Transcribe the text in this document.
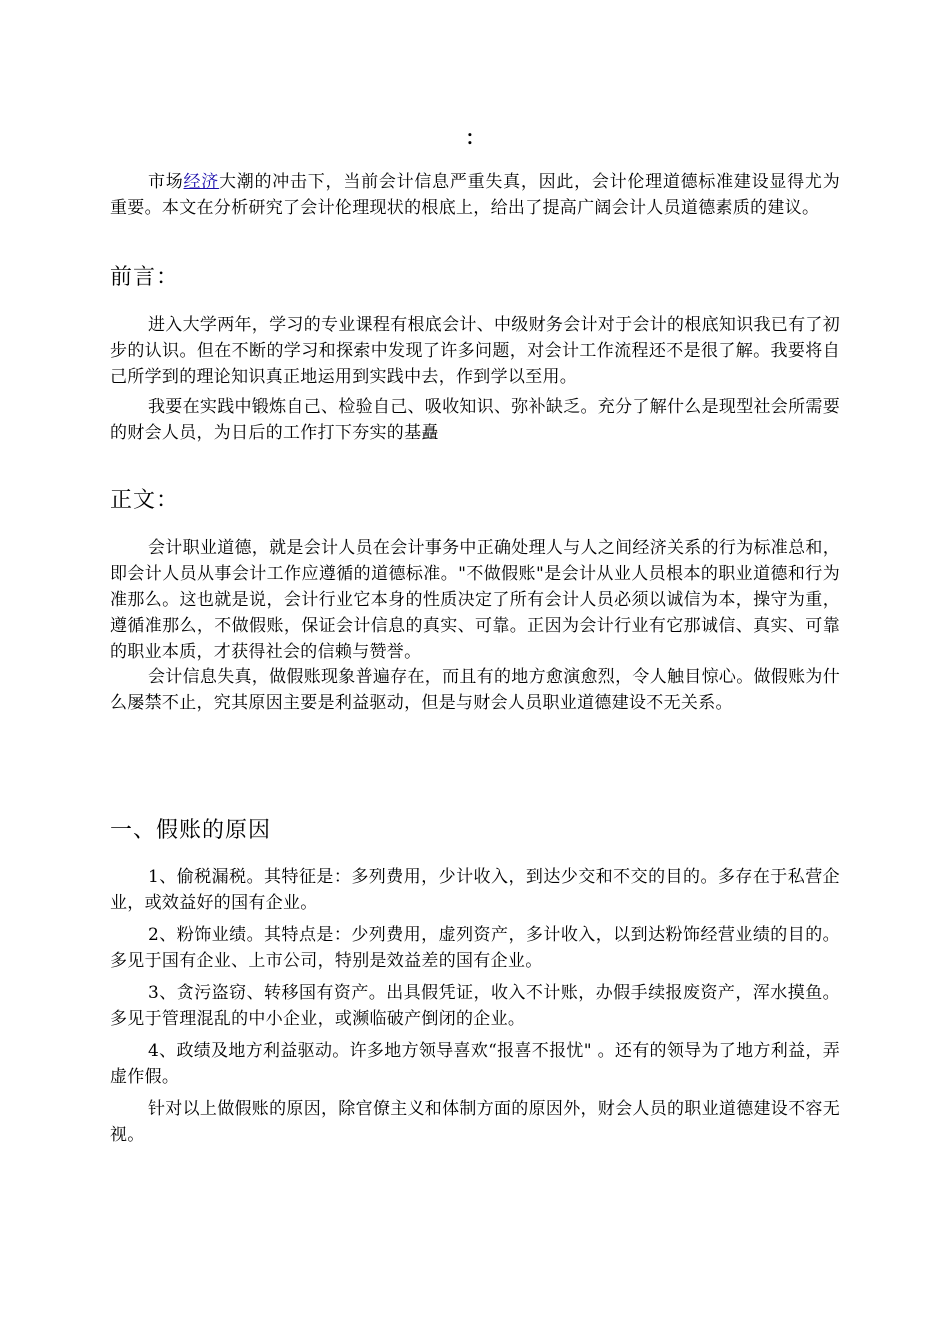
：

市场经济大潮的冲击下，当前会计信息严重失真，因此，会计伦理道德标准建设显得尤为重要。本文在分析研究了会计伦理现状的根底上，给出了提高广阔会计人员道德素质的建议。

前言：

进入大学两年，学习的专业课程有根底会计、中级财务会计对于会计的根底知识我已有了初步的认识。但在不断的学习和探索中发现了许多问题，对会计工作流程还不是很了解。我要将自己所学到的理论知识真正地运用到实践中去，作到学以至用。

我要在实践中锻炼自己、检验自己、吸收知识、弥补缺乏。充分了解什么是现型社会所需要的财会人员，为日后的工作打下夯实的基矗

正文：

会计职业道德，就是会计人员在会计事务中正确处理人与人之间经济关系的行为标准总和，即会计人员从事会计工作应遵循的道德标准。"不做假账"是会计从业人员根本的职业道德和行为准那么。这也就是说，会计行业它本身的性质决定了所有会计人员必须以诚信为本，操守为重，遵循准那么，不做假账，保证会计信息的真实、可靠。正因为会计行业有它那诚信、真实、可靠的职业本质，才获得社会的信赖与赞誉。

会计信息失真，做假账现象普遍存在，而且有的地方愈演愈烈，令人触目惊心。做假账为什么屡禁不止，究其原因主要是利益驱动，但是与财会人员职业道德建设不无关系。

一、假账的原因

1、偷税漏税。其特征是：多列费用，少计收入，到达少交和不交的目的。多存在于私营企业，或效益好的国有企业。

2、粉饰业绩。其特点是：少列费用，虚列资产，多计收入，以到达粉饰经营业绩的目的。多见于国有企业、上市公司，特别是效益差的国有企业。

3、贪污盗窃、转移国有资产。出具假凭证，收入不计账，办假手续报废资产，浑水摸鱼。多见于管理混乱的中小企业，或濒临破产倒闭的企业。

4、政绩及地方利益驱动。许多地方领导喜欢“报喜不报忧" 。还有的领导为了地方利益，弄虚作假。

针对以上做假账的原因，除官僚主义和体制方面的原因外，财会人员的职业道德建设不容无视。
